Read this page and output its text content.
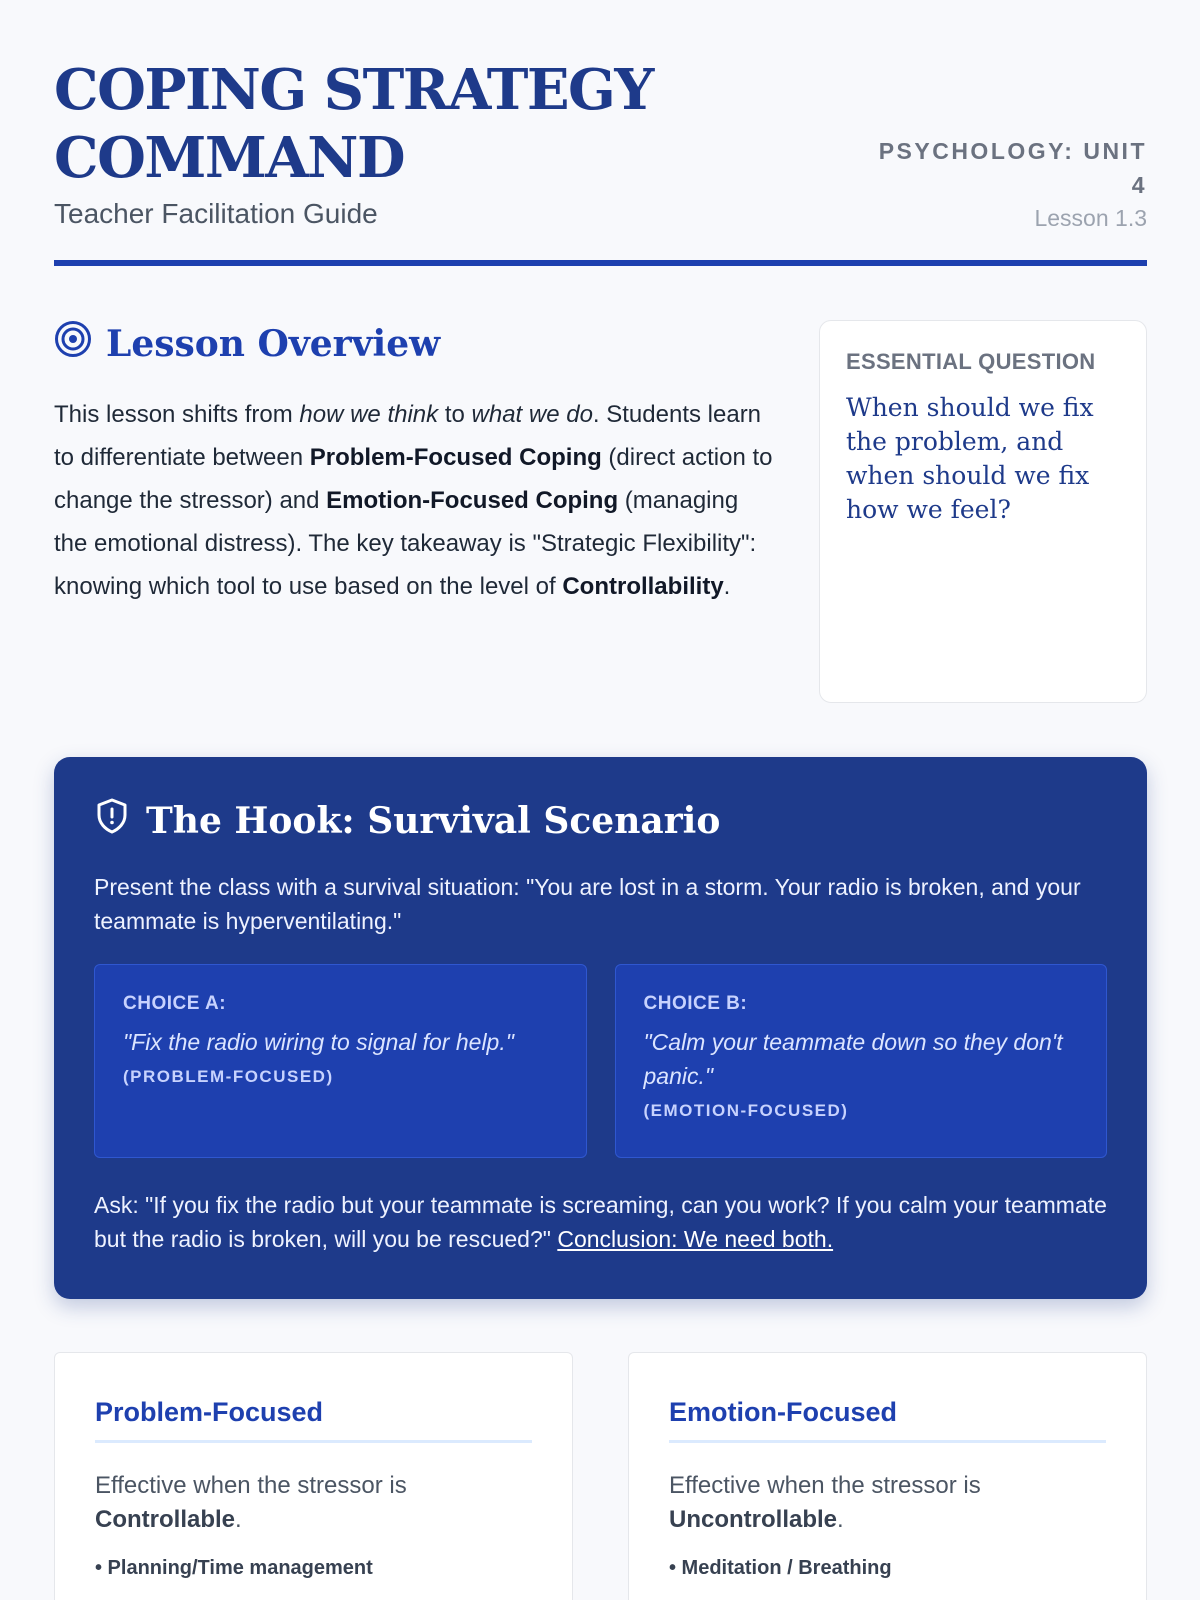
COPING STRATEGY COMMAND
Teacher Facilitation Guide
PSYCHOLOGY: UNIT 4
Lesson 1.3
Lesson Overview

This lesson shifts from how we think to what we do. Students learn to differentiate between Problem-Focused Coping (direct action to change the stressor) and Emotion-Focused Coping (managing the emotional distress). The key takeaway is "Strategic Flexibility": knowing which tool to use based on the level of Controllability.

ESSENTIAL QUESTION
When should we fix the problem, and when should we fix how we feel?
The Hook: Survival Scenario

Present the class with a survival situation: "You are lost in a storm. Your radio is broken, and your teammate is hyperventilating."

CHOICE A:
"Fix the radio wiring to signal for help."
(PROBLEM-FOCUSED)
CHOICE B:
"Calm your teammate down so they don't panic."
(EMOTION-FOCUSED)

Ask: "If you fix the radio but your teammate is screaming, can you work? If you calm your teammate but the radio is broken, will you be rescued?" Conclusion: We need both.

Problem-Focused

Effective when the stressor is Controllable.

• Planning/Time management
Emotion-Focused

Effective when the stressor is Uncontrollable.

• Meditation / Breathing
